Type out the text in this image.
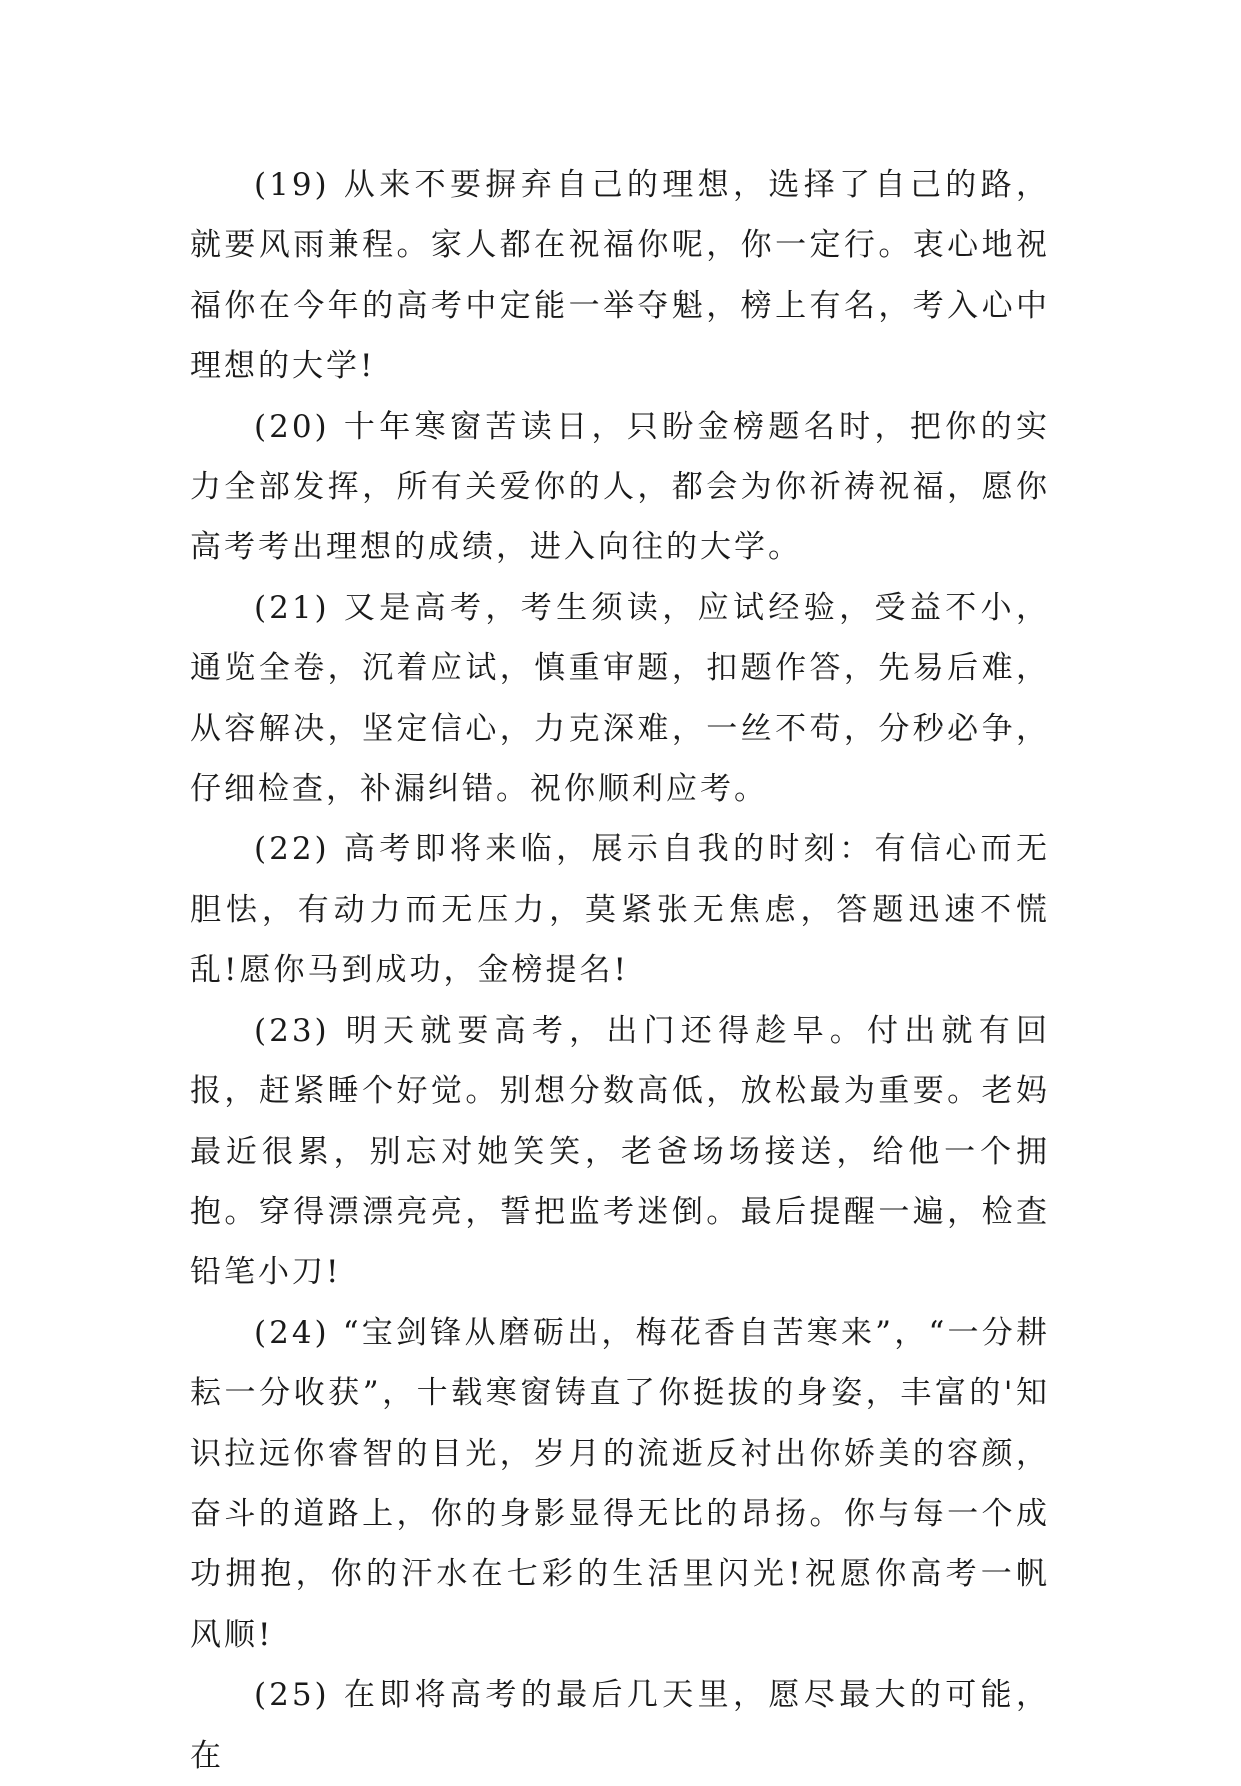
(19) 从来不要摒弃自己的理想，选择了自己的路，就要风雨兼程。家人都在祝福你呢，你一定行。衷心地祝福你在今年的高考中定能一举夺魁，榜上有名，考入心中理想的大学!

(20) 十年寒窗苦读日，只盼金榜题名时，把你的实力全部发挥，所有关爱你的人，都会为你祈祷祝福，愿你高考考出理想的成绩，进入向往的大学。

(21) 又是高考，考生须读，应试经验，受益不小，通览全卷，沉着应试，慎重审题，扣题作答，先易后难，从容解决，坚定信心，力克深难，一丝不苟，分秒必争，仔细检查，补漏纠错。祝你顺利应考。

(22) 高考即将来临，展示自我的时刻：有信心而无胆怯，有动力而无压力，莫紧张无焦虑，答题迅速不慌乱!愿你马到成功，金榜提名!

(23) 明天就要高考，出门还得趁早。付出就有回报，赶紧睡个好觉。别想分数高低，放松最为重要。老妈最近很累，别忘对她笑笑，老爸场场接送，给他一个拥抱。穿得漂漂亮亮，誓把监考迷倒。最后提醒一遍，检查铅笔小刀!

(24) “宝剑锋从磨砺出，梅花香自苦寒来”，“一分耕耘一分收获”，十载寒窗铸直了你挺拔的身姿，丰富的'知识拉远你睿智的目光，岁月的流逝反衬出你娇美的容颜，奋斗的道路上，你的身影显得无比的昂扬。你与每一个成功拥抱，你的汗水在七彩的生活里闪光!祝愿你高考一帆风顺!

(25) 在即将高考的最后几天里，愿尽最大的可能，在
